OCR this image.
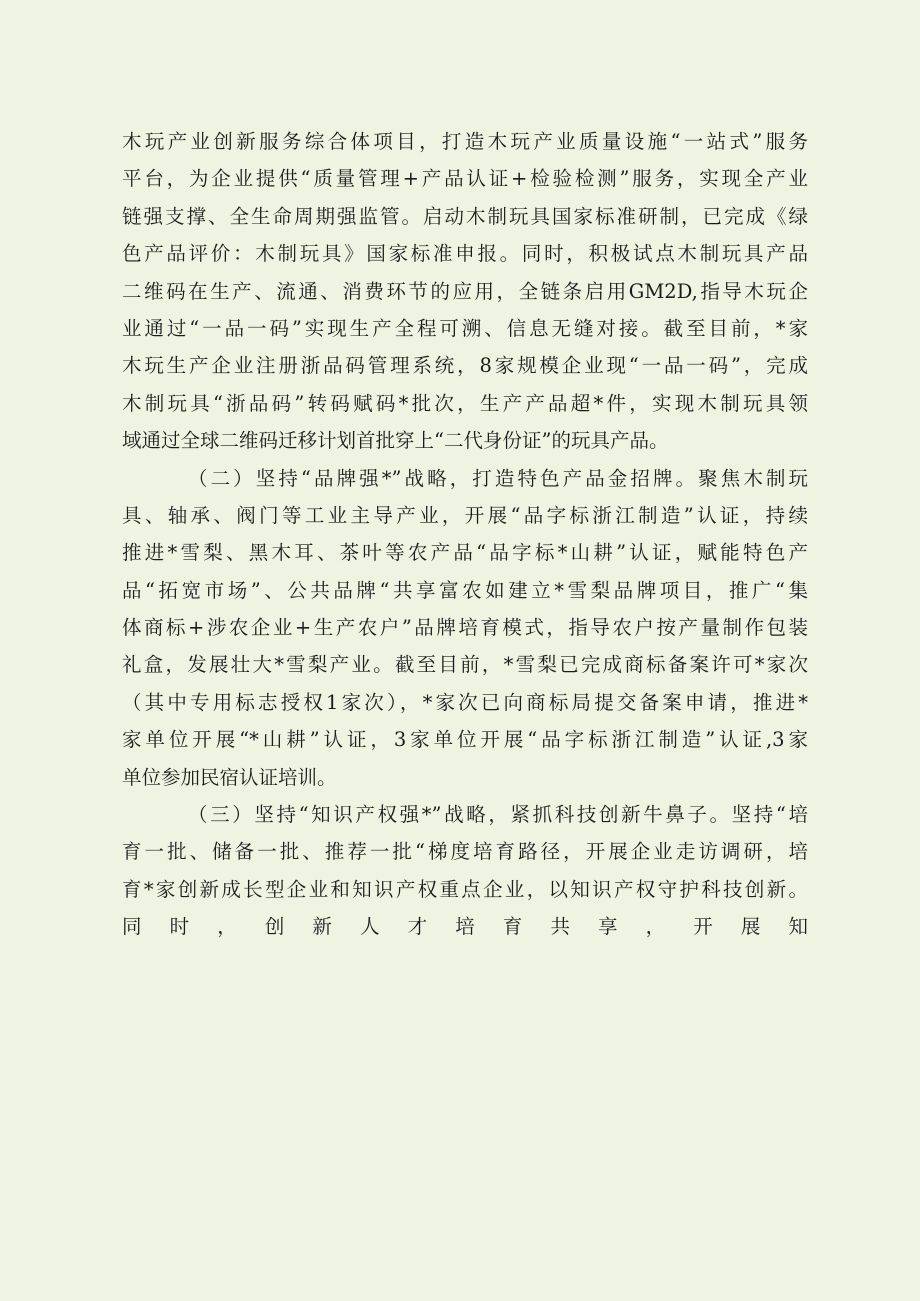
木玩产业创新服务综合体项目，打造木玩产业质量设施“一站式”服务
平台，为企业提供“质量管理+产品认证+检验检测”服务，实现全产业
链强支撑、全生命周期强监管。启动木制玩具国家标准研制，已完成《绿
色产品评价：木制玩具》国家标准申报。同时，积极试点木制玩具产品
二维码在生产、流通、消费环节的应用，全链条启用GM2D,指导木玩企
业通过“一品一码”实现生产全程可溯、信息无缝对接。截至目前，*家
木玩生产企业注册浙品码管理系统，8家规模企业现“一品一码”，完成
木制玩具“浙品码”转码赋码*批次，生产产品超*件，实现木制玩具领
域通过全球二维码迁移计划首批穿上“二代身份证”的玩具产品。
（二）坚持“品牌强*”战略，打造特色产品金招牌。聚焦木制玩
具、轴承、阀门等工业主导产业，开展“品字标浙江制造”认证，持续
推进*雪梨、黑木耳、茶叶等农产品“品字标*山耕”认证，赋能特色产
品“拓宽市场”、公共品牌“共享富农如建立*雪梨品牌项目，推广“集
体商标+涉农企业+生产农户”品牌培育模式，指导农户按产量制作包装
礼盒，发展壮大*雪梨产业。截至目前，*雪梨已完成商标备案许可*家次
（其中专用标志授权1家次），*家次已向商标局提交备案申请，推进*
家单位开展“*山耕”认证，3家单位开展“品字标浙江制造”认证,3家
单位参加民宿认证培训。
（三）坚持“知识产权强*”战略，紧抓科技创新牛鼻子。坚持“培
育一批、储备一批、推荐一批“梯度培育路径，开展企业走访调研，培
育*家创新成长型企业和知识产权重点企业，以知识产权守护科技创新。
同时，创新人才培育共享，开展知
